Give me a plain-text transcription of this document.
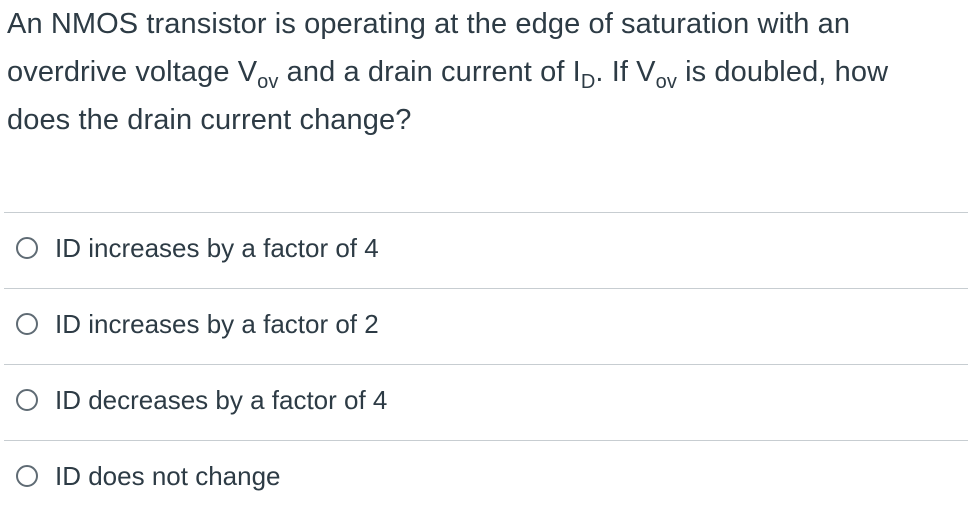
An NMOS transistor is operating at the edge of saturation with an
overdrive voltage $V_{ov}$ and a drain current of $I_D$. If $V_{ov}$ is doubled, how
does the drain current change?
ID increases by a factor of 4
ID increases by a factor of 2
ID decreases by a factor of 4
ID does not change
